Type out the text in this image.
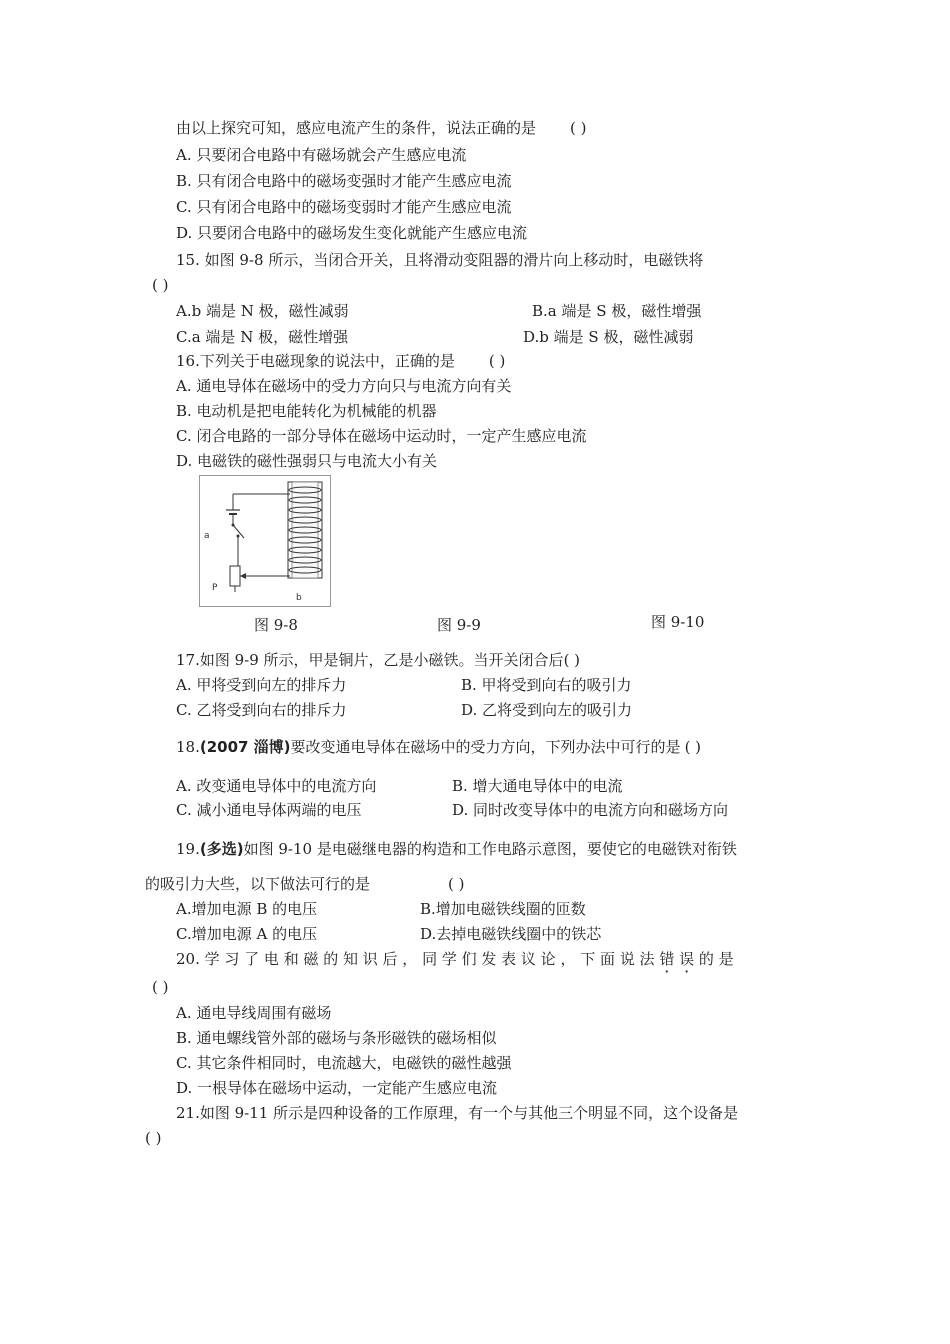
由以上探究可知，感应电流产生的条件，说法正确的是 ( )
A. 只要闭合电路中有磁场就会产生感应电流
B. 只有闭合电路中的磁场变强时才能产生感应电流
C. 只有闭合电路中的磁场变弱时才能产生感应电流
D. 只要闭合电路中的磁场发生变化就能产生感应电流
15. 如图 9-8 所示，当闭合开关，且将滑动变阻器的滑片向上移动时，电磁铁将
( )
A.b 端是 N 极，磁性减弱	B.a 端是 S 极，磁性增强
C.a 端是 N 极，磁性增强	D.b 端是 S 极，磁性减弱
16.下列关于电磁现象的说法中，正确的是 ( )
A. 通电导体在磁场中的受力方向只与电流方向有关
B. 电动机是把电能转化为机械能的机器
C. 闭合电路的一部分导体在磁场中运动时，一定产生感应电流
D. 电磁铁的磁性强弱只与电流大小有关
a
P
b
图 9-8	图 9-9	图 9-10
17.如图 9-9 所示，甲是铜片，乙是小磁铁。当开关闭合后( )
A. 甲将受到向左的排斥力	B. 甲将受到向右的吸引力
C. 乙将受到向右的排斥力	D. 乙将受到向左的吸引力
18.(2007 淄博)要改变通电导体在磁场中的受力方向，下列办法中可行的是 ( )
A. 改变通电导体中的电流方向	B. 增大通电导体中的电流
C. 减小通电导体两端的电压	D. 同时改变导体中的电流方向和磁场方向
19.(多选)如图 9-10 是电磁继电器的构造和工作电路示意图，要使它的电磁铁对衔铁
的吸引力大些，以下做法可行的是	( )
A.增加电源 B 的电压	B.增加电磁铁线圈的匝数
C.增加电源 A 的电压	D.去掉电磁铁线圈中的铁芯
20. 学 习 了 电 和 磁 的 知 识 后 ， 同 学 们 发 表 议 论 ， 下 面 说 法 错 误 的 是
( )
A. 通电导线周围有磁场
B. 通电螺线管外部的磁场与条形磁铁的磁场相似
C. 其它条件相同时，电流越大，电磁铁的磁性越强
D. 一根导体在磁场中运动，一定能产生感应电流
21.如图 9-11 所示是四种设备的工作原理，有一个与其他三个明显不同，这个设备是
( )
